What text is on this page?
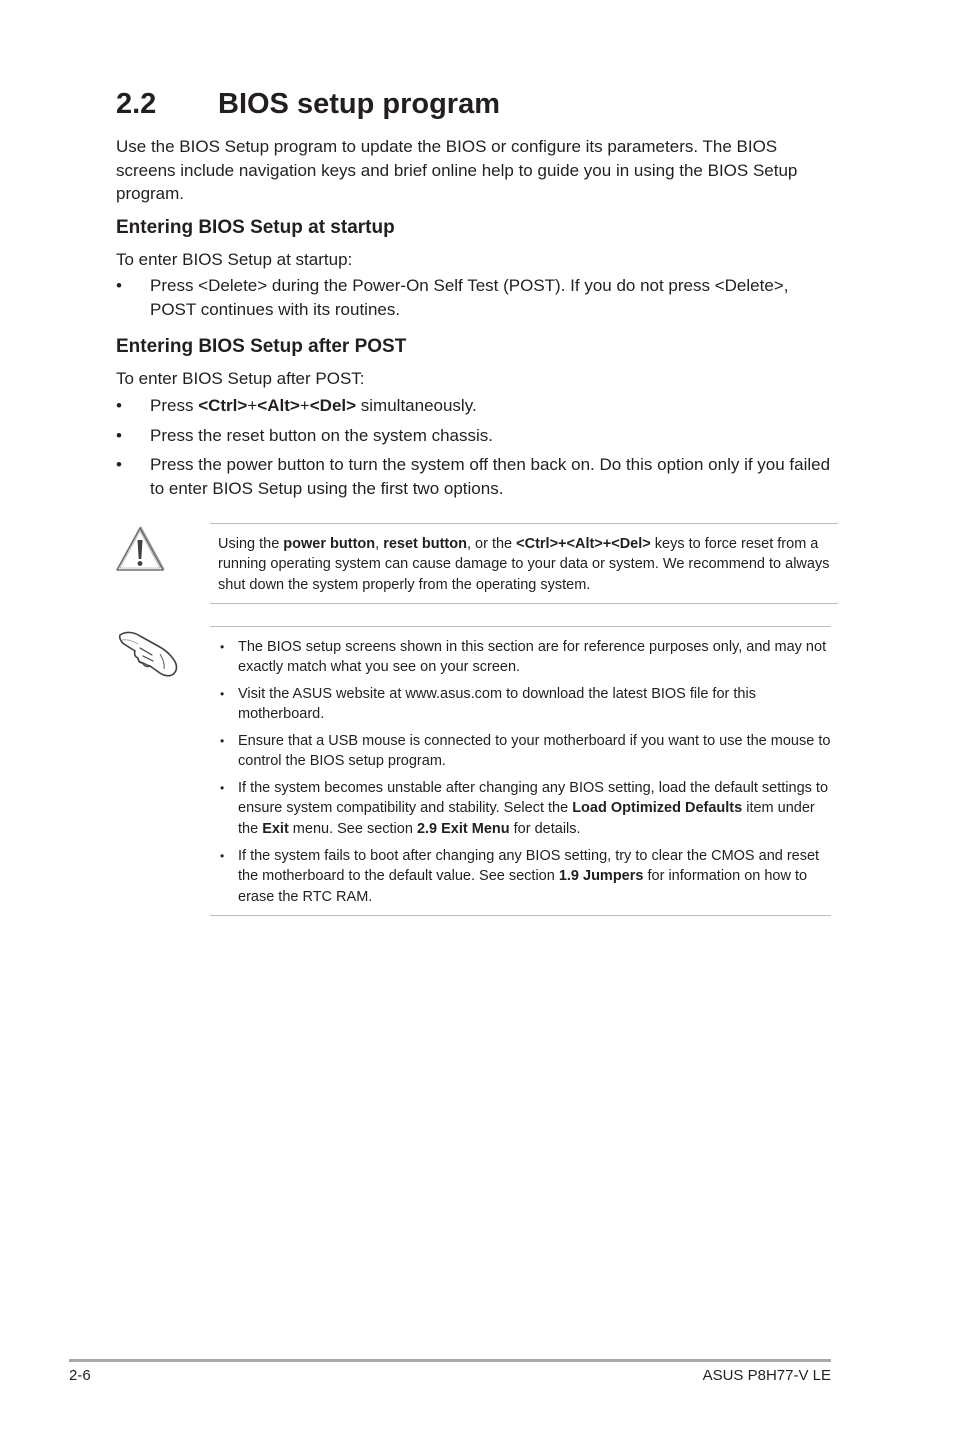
2.2 BIOS setup program

Use the BIOS Setup program to update the BIOS or configure its parameters. The BIOS screens include navigation keys and brief online help to guide you in using the BIOS Setup program.

Entering BIOS Setup at startup

To enter BIOS Setup at startup:

• Press <Delete> during the Power-On Self Test (POST). If you do not press <Delete>, POST continues with its routines.
Entering BIOS Setup after POST

To enter BIOS Setup after POST:

• Press <Ctrl>+<Alt>+<Del> simultaneously.
• Press the reset button on the system chassis.
• Press the power button to turn the system off then back on. Do this option only if you failed to enter BIOS Setup using the first two options.
Using the power button, reset button, or the <Ctrl>+<Alt>+<Del> keys to force reset from a running operating system can cause damage to your data or system. We recommend to always shut down the system properly from the operating system.
• The BIOS setup screens shown in this section are for reference purposes only, and may not exactly match what you see on your screen.
• Visit the ASUS website at www.asus.com to download the latest BIOS file for this motherboard.
• Ensure that a USB mouse is connected to your motherboard if you want to use the mouse to control the BIOS setup program.
• If the system becomes unstable after changing any BIOS setting, load the default settings to ensure system compatibility and stability. Select the Load Optimized Defaults item under the Exit menu. See section 2.9 Exit Menu for details.
• If the system fails to boot after changing any BIOS setting, try to clear the CMOS and reset the motherboard to the default value. See section 1.9 Jumpers for information on how to erase the RTC RAM.
2-6	ASUS P8H77-V LE
